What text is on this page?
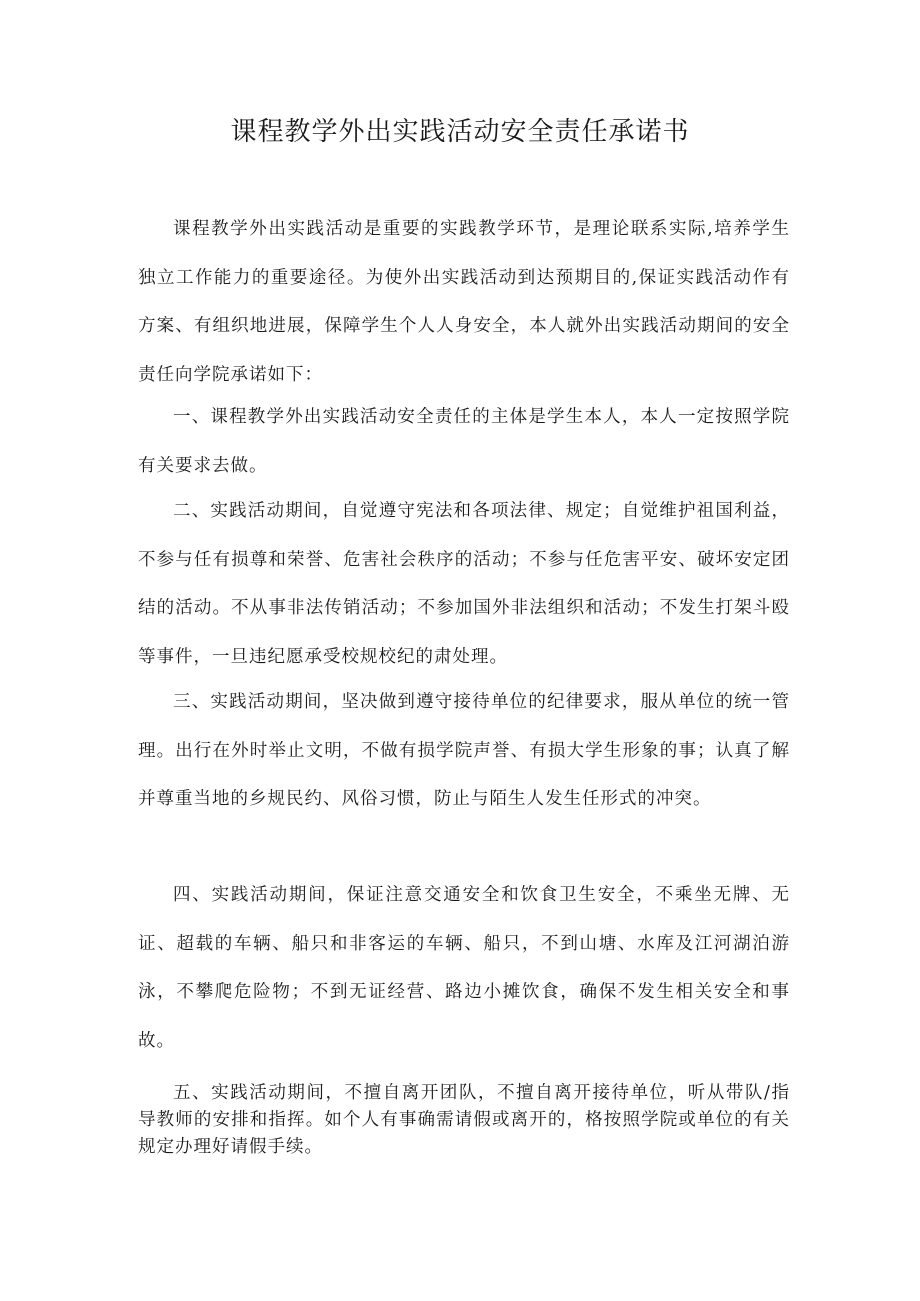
课程教学外出实践活动安全责任承诺书

课程教学外出实践活动是重要的实践教学环节，是理论联系实际,培养学生独立工作能力的重要途径。为使外出实践活动到达预期目的,保证实践活动作有方案、有组织地进展，保障学生个人人身安全，本人就外出实践活动期间的安全责任向学院承诺如下：

一、课程教学外出实践活动安全责任的主体是学生本人，本人一定按照学院有关要求去做。

二、实践活动期间，自觉遵守宪法和各项法律、规定；自觉维护祖国利益，不参与任有损尊和荣誉、危害社会秩序的活动；不参与任危害平安、破坏安定团结的活动。不从事非法传销活动；不参加国外非法组织和活动；不发生打架斗殴等事件，一旦违纪愿承受校规校纪的肃处理。

三、实践活动期间，坚决做到遵守接待单位的纪律要求，服从单位的统一管理。出行在外时举止文明，不做有损学院声誉、有损大学生形象的事；认真了解并尊重当地的乡规民约、风俗习惯，防止与陌生人发生任形式的冲突。

四、实践活动期间，保证注意交通安全和饮食卫生安全，不乘坐无牌、无证、超载的车辆、船只和非客运的车辆、船只，不到山塘、水库及江河湖泊游泳，不攀爬危险物；不到无证经营、路边小摊饮食，确保不发生相关安全和事故。

五、实践活动期间，不擅自离开团队，不擅自离开接待单位，听从带队/指导教师的安排和指挥。如个人有事确需请假或离开的，格按照学院或单位的有关规定办理好请假手续。
